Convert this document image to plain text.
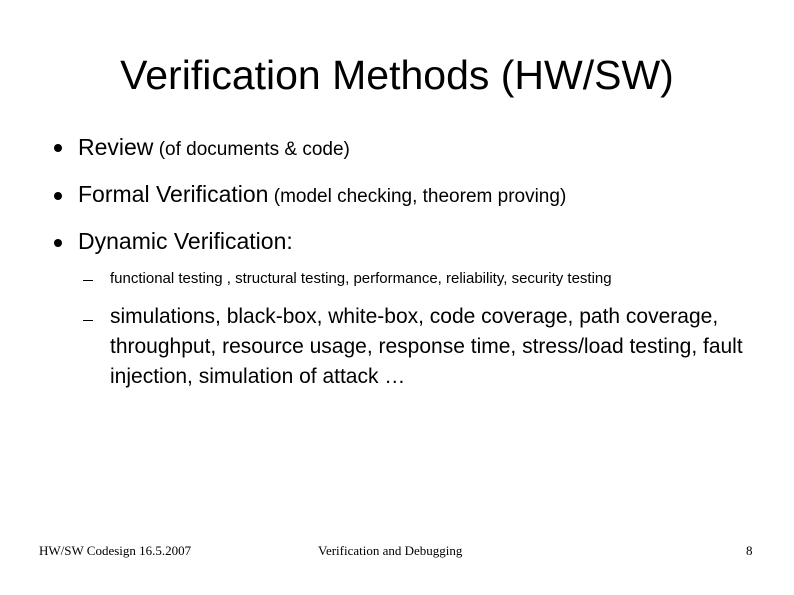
Verification Methods (HW/SW)
Review (of documents & code)
Formal Verification (model checking, theorem proving)
Dynamic Verification:
functional testing , structural testing, performance, reliability, security testing
simulations, black-box, white-box, code coverage, path coverage, throughput, resource usage, response time, stress/load testing, fault injection, simulation of attack …
HW/SW Codesign 16.5.2007	Verification and Debugging	8
